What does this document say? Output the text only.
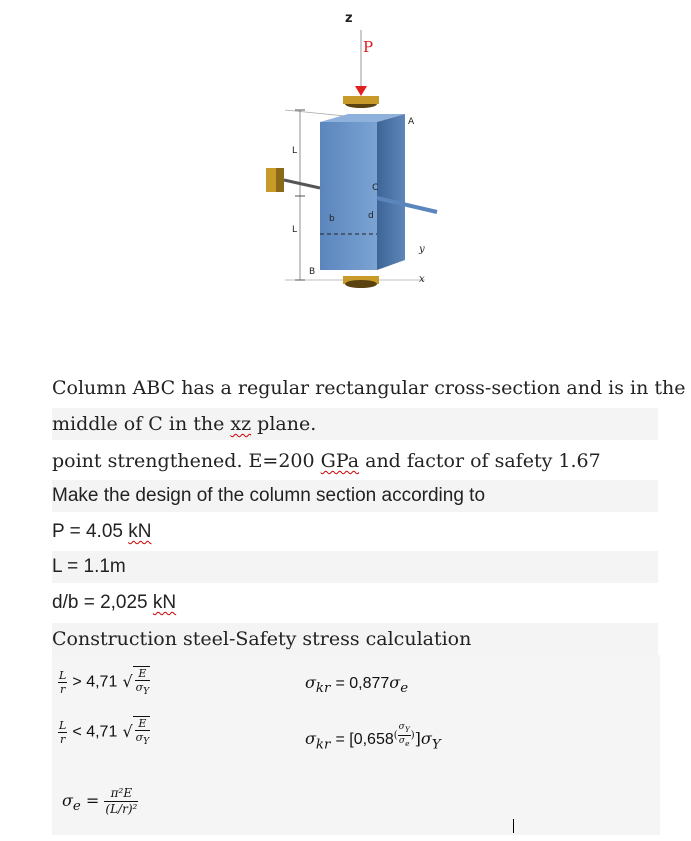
z
P
A
L
L
C
b	d
B
y
x
Column ABC has a regular rectangular cross-section and is in the
middle of C in the xz plane.
point strengthened. E=200 GPa and factor of safety 1.67
Make the design of the column section according to
P = 4.05 kN
L = 1.1m
d/b = 2,025 kN
Construction steel-Safety stress calculation
$\frac{L}{r} > 4,71$ √ $\frac{E}{\sigma_Y}$
$\frac{L}{r} < 4,71$ √ $\frac{E}{\sigma_Y}$
$\sigma_{kr} = 0,877\sigma_e$
$\sigma_{kr} = [0,658^{( \frac{\sigma_Y}{\sigma_e} )}]\sigma_Y$
$\sigma_e = \frac{\text{π²E}}{\text{(L/r)²}}$
